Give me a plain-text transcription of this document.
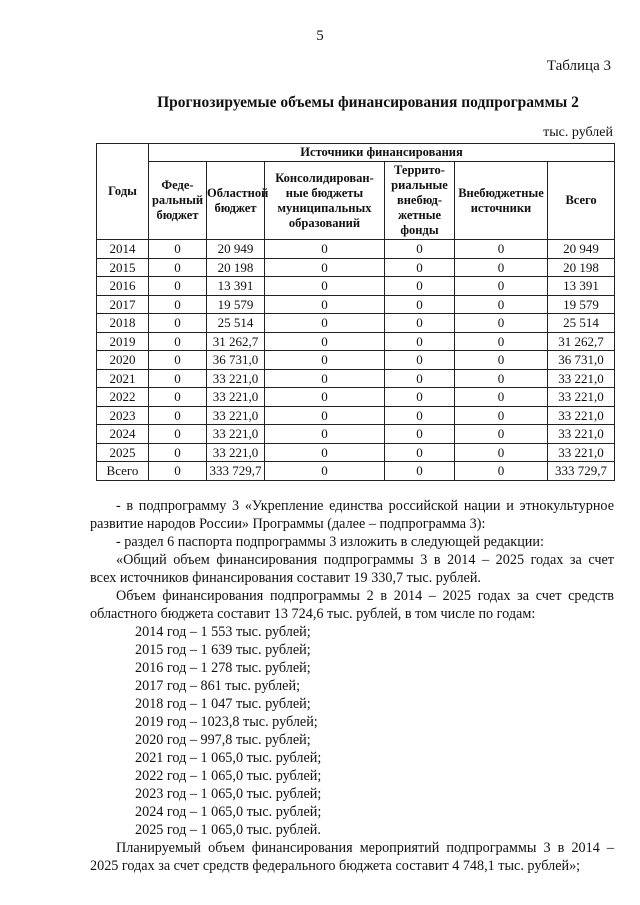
5
Таблица 3
Прогнозируемые объемы финансирования подпрограммы 2
тыс. рублей
Годы	Источники финансирования					
	Феде-ральный бюджет	Областной бюджет	Консолидирован-ные бюджеты муниципальных образований	Террито-риальные внебюд-жетные фонды	Внебюджетные источники	Всего
2014	0	20 949	0	0	0	20 949
2015	0	20 198	0	0	0	20 198
2016	0	13 391	0	0	0	13 391
2017	0	19 579	0	0	0	19 579
2018	0	25 514	0	0	0	25 514
2019	0	31 262,7	0	0	0	31 262,7
2020	0	36 731,0	0	0	0	36 731,0
2021	0	33 221,0	0	0	0	33 221,0
2022	0	33 221,0	0	0	0	33 221,0
2023	0	33 221,0	0	0	0	33 221,0
2024	0	33 221,0	0	0	0	33 221,0
2025	0	33 221,0	0	0	0	33 221,0
Всего	0	333 729,7	0	0	0	333 729,7

- в подпрограмму 3 «Укрепление единства российской нации и этнокультурное

развитие народов России» Программы (далее – подпрограмма 3):

- раздел 6 паспорта подпрограммы 3 изложить в следующей редакции:

«Общий объем финансирования подпрограммы 3 в 2014 – 2025 годах за счет

всех источников финансирования составит 19 330,7 тыс. рублей.

Объем финансирования подпрограммы 2 в 2014 – 2025 годах за счет средств

областного бюджета составит 13 724,6 тыс. рублей, в том числе по годам:

2014 год – 1 553 тыс. рублей;

2015 год – 1 639 тыс. рублей;

2016 год – 1 278 тыс. рублей;

2017 год – 861 тыс. рублей;

2018 год – 1 047 тыс. рублей;

2019 год – 1023,8 тыс. рублей;

2020 год – 997,8 тыс. рублей;

2021 год – 1 065,0 тыс. рублей;

2022 год – 1 065,0 тыс. рублей;

2023 год – 1 065,0 тыс. рублей;

2024 год – 1 065,0 тыс. рублей;

2025 год – 1 065,0 тыс. рублей.

Планируемый объем финансирования мероприятий подпрограммы 3 в 2014 –

2025 годах за счет средств федерального бюджета составит 4 748,1 тыс. рублей»;
